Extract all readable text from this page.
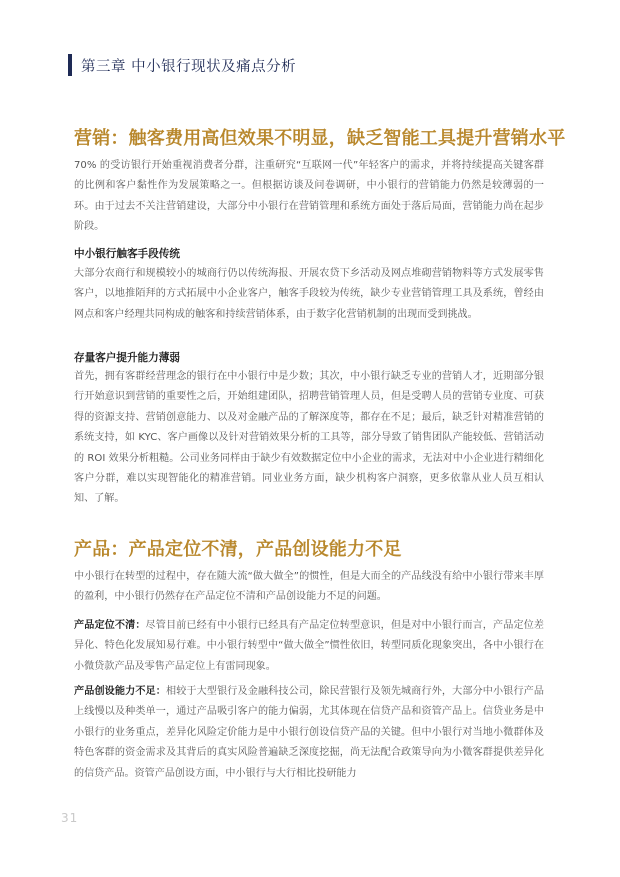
第三章 中小银行现状及痛点分析
营销：触客费用高但效果不明显，缺乏智能工具提升营销水平

70% 的受访银行开始重视消费者分群，注重研究“互联网一代”年轻客户的需求，并将持续提高关键客群的比例和客户黏性作为发展策略之一。但根据访谈及问卷调研，中小银行的营销能力仍然是较薄弱的一环。由于过去不关注营销建设，大部分中小银行在营销管理和系统方面处于落后局面，营销能力尚在起步阶段。

中小银行触客手段传统

大部分农商行和规模较小的城商行仍以传统海报、开展农贷下乡活动及网点堆砌营销物料等方式发展零售客户，以地推陌拜的方式拓展中小企业客户，触客手段较为传统，缺少专业营销管理工具及系统，曾经由网点和客户经理共同构成的触客和持续营销体系，由于数字化营销机制的出现而受到挑战。

存量客户提升能力薄弱

首先，拥有客群经营理念的银行在中小银行中是少数；其次，中小银行缺乏专业的营销人才，近期部分银行开始意识到营销的重要性之后，开始组建团队，招聘营销管理人员，但是受聘人员的营销专业度、可获得的资源支持、营销创意能力、以及对金融产品的了解深度等，都存在不足；最后，缺乏针对精准营销的系统支持，如 KYC、客户画像以及针对营销效果分析的工具等，部分导致了销售团队产能较低、营销活动的 ROI 效果分析粗糙。公司业务同样由于缺少有效数据定位中小企业的需求，无法对中小企业进行精细化客户分群，难以实现智能化的精准营销。同业业务方面，缺少机构客户洞察，更多依靠从业人员互相认知、了解。

产品：产品定位不清，产品创设能力不足

中小银行在转型的过程中，存在随大流“做大做全”的惯性，但是大而全的产品线没有给中小银行带来丰厚的盈利，中小银行仍然存在产品定位不清和产品创设能力不足的问题。

产品定位不清：尽管目前已经有中小银行已经具有产品定位转型意识，但是对中小银行而言，产品定位差异化、特色化发展知易行难。中小银行转型中“做大做全”惯性依旧，转型同质化现象突出，各中小银行在小微贷款产品及零售产品定位上有雷同现象。

产品创设能力不足：相较于大型银行及金融科技公司，除民营银行及领先城商行外，大部分中小银行产品上线慢以及种类单一，通过产品吸引客户的能力偏弱，尤其体现在信贷产品和资管产品上。信贷业务是中小银行的业务重点，差异化风险定价能力是中小银行创设信贷产品的关键。但中小银行对当地小微群体及特色客群的资金需求及其背后的真实风险普遍缺乏深度挖掘，尚无法配合政策导向为小微客群提供差异化的信贷产品。资管产品创设方面，中小银行与大行相比投研能力

31
